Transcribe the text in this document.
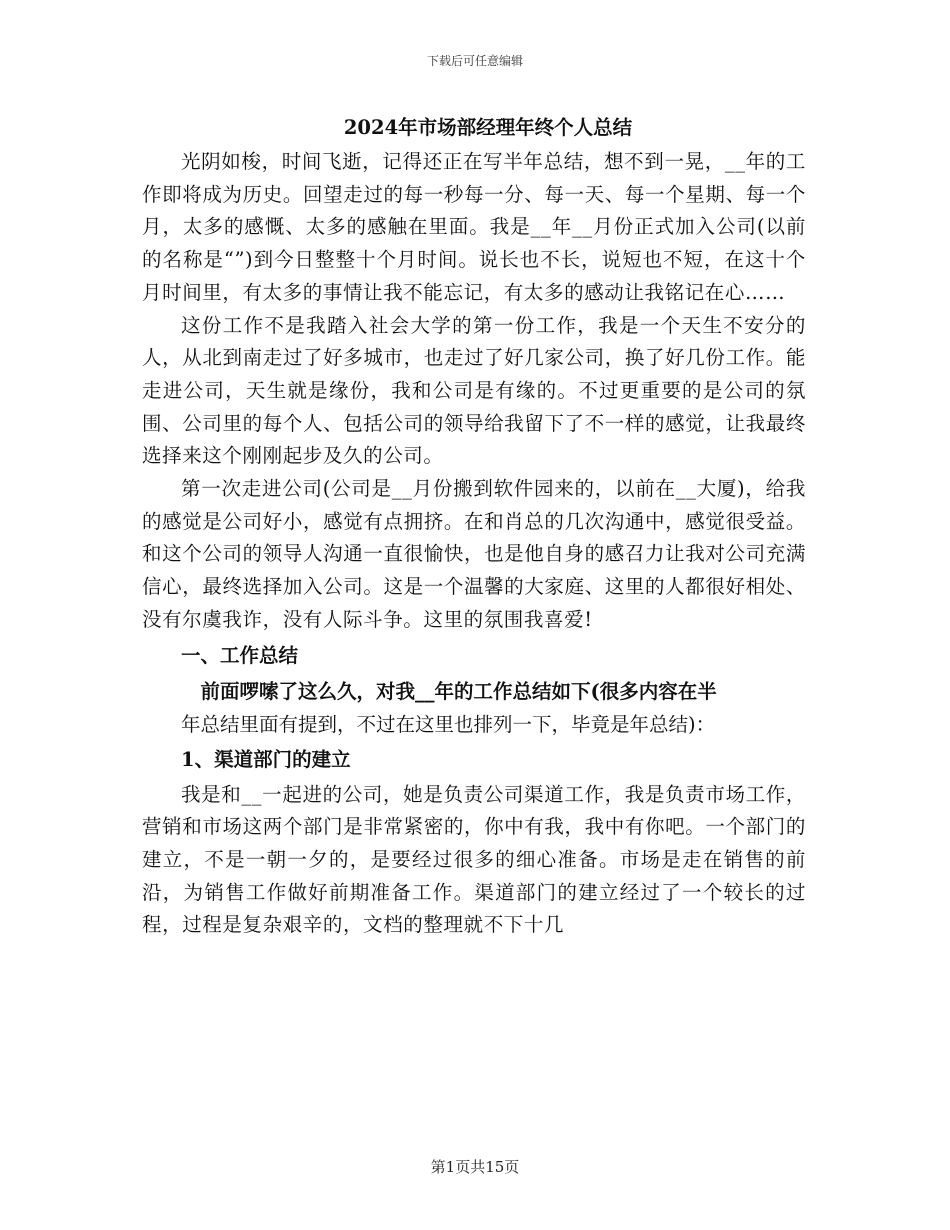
下载后可任意编辑

2024年市场部经理年终个人总结

光阴如梭，时间飞逝，记得还正在写半年总结，想不到一晃，__年的工作即将成为历史。回望走过的每一秒每一分、每一天、每一个星期、每一个月，太多的感慨、太多的感触在里面。我是__年__月份正式加入公司(以前的名称是“”)到今日整整十个月时间。说长也不长，说短也不短，在这十个月时间里，有太多的事情让我不能忘记，有太多的感动让我铭记在心……

这份工作不是我踏入社会大学的第一份工作，我是一个天生不安分的人，从北到南走过了好多城市，也走过了好几家公司，换了好几份工作。能走进公司，天生就是缘份，我和公司是有缘的。不过更重要的是公司的氛围、公司里的每个人、包括公司的领导给我留下了不一样的感觉，让我最终选择来这个刚刚起步及久的公司。

第一次走进公司(公司是__月份搬到软件园来的，以前在__大厦)，给我的感觉是公司好小，感觉有点拥挤。在和肖总的几次沟通中，感觉很受益。和这个公司的领导人沟通一直很愉快，也是他自身的感召力让我对公司充满信心，最终选择加入公司。这是一个温馨的大家庭、这里的人都很好相处、没有尔虞我诈，没有人际斗争。这里的氛围我喜爱!

一、工作总结

前面啰嗦了这么久，对我__年的工作总结如下(很多内容在半
年总结里面有提到，不过在这里也排列一下，毕竟是年总结)：

1、渠道部门的建立

我是和__一起进的公司，她是负责公司渠道工作，我是负责市场工作，营销和市场这两个部门是非常紧密的，你中有我，我中有你吧。一个部门的建立，不是一朝一夕的，是要经过很多的细心准备。市场是走在销售的前沿，为销售工作做好前期准备工作。渠道部门的建立经过了一个较长的过程，过程是复杂艰辛的，文档的整理就不下十几

第1页共15页
